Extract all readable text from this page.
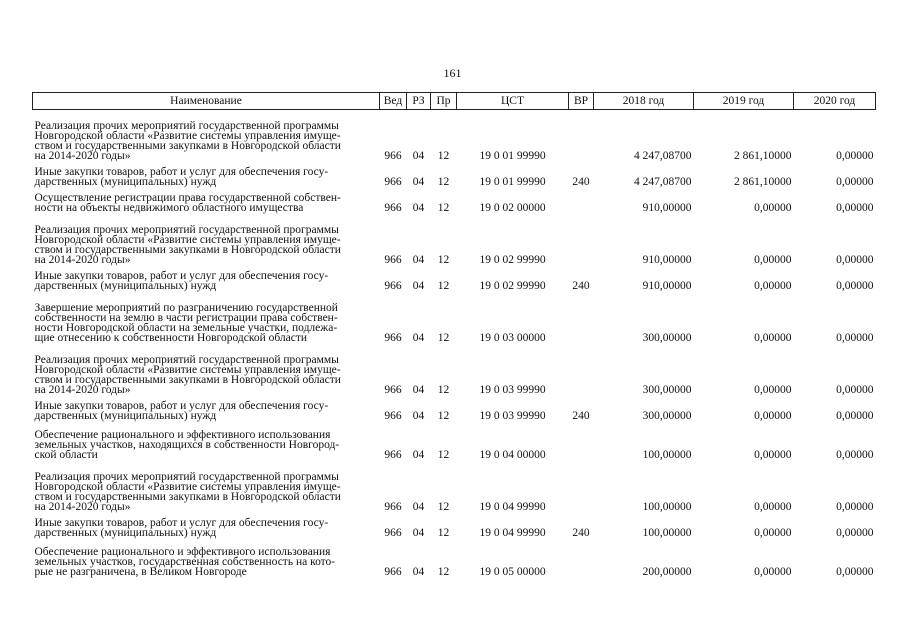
161
Наименование	Вед	РЗ	Пр	ЦСТ	ВР	2018 год	2019 год	2020 год

Реализация прочих мероприятий государственной программы
Новгородской области «Развитие системы управления имуще-
ством и государственными закупками в Новгородской области
на 2014-2020 годы»	966	04	12	19 0 01 99990		4 247,08700	2 861,10000	0,00000

Иные закупки товаров, работ и услуг для обеспечения госу-
дарственных (муниципальных) нужд	966	04	12	19 0 01 99990	240	4 247,08700	2 861,10000	0,00000

Осуществление регистрации права государственной собствен-
ности на объекты недвижимого областного имущества	966	04	12	19 0 02 00000		910,00000	0,00000	0,00000

Реализация прочих мероприятий государственной программы
Новгородской области «Развитие системы управления имуще-
ством и государственными закупками в Новгородской области
на 2014-2020 годы»	966	04	12	19 0 02 99990		910,00000	0,00000	0,00000

Иные закупки товаров, работ и услуг для обеспечения госу-
дарственных (муниципальных) нужд	966	04	12	19 0 02 99990	240	910,00000	0,00000	0,00000

Завершение мероприятий по разграничению государственной
собственности на землю в части регистрации права собствен-
ности Новгородской области на земельные участки, подлежа-
щие отнесению к собственности Новгородской области	966	04	12	19 0 03 00000		300,00000	0,00000	0,00000

Реализация прочих мероприятий государственной программы
Новгородской области «Развитие системы управления имуще-
ством и государственными закупками в Новгородской области
на 2014-2020 годы»	966	04	12	19 0 03 99990		300,00000	0,00000	0,00000

Иные закупки товаров, работ и услуг для обеспечения госу-
дарственных (муниципальных) нужд	966	04	12	19 0 03 99990	240	300,00000	0,00000	0,00000

Обеспечение рационального и эффективного использования
земельных участков, находящихся в собственности Новгород-
ской области	966	04	12	19 0 04 00000		100,00000	0,00000	0,00000

Реализация прочих мероприятий государственной программы
Новгородской области «Развитие системы управления имуще-
ством и государственными закупками в Новгородской области
на 2014-2020 годы»	966	04	12	19 0 04 99990		100,00000	0,00000	0,00000

Иные закупки товаров, работ и услуг для обеспечения госу-
дарственных (муниципальных) нужд	966	04	12	19 0 04 99990	240	100,00000	0,00000	0,00000

Обеспечение рационального и эффективного использования
земельных участков, государственная собственность на кото-
рые не разграничена, в Великом Новгороде	966	04	12	19 0 05 00000		200,00000	0,00000	0,00000
